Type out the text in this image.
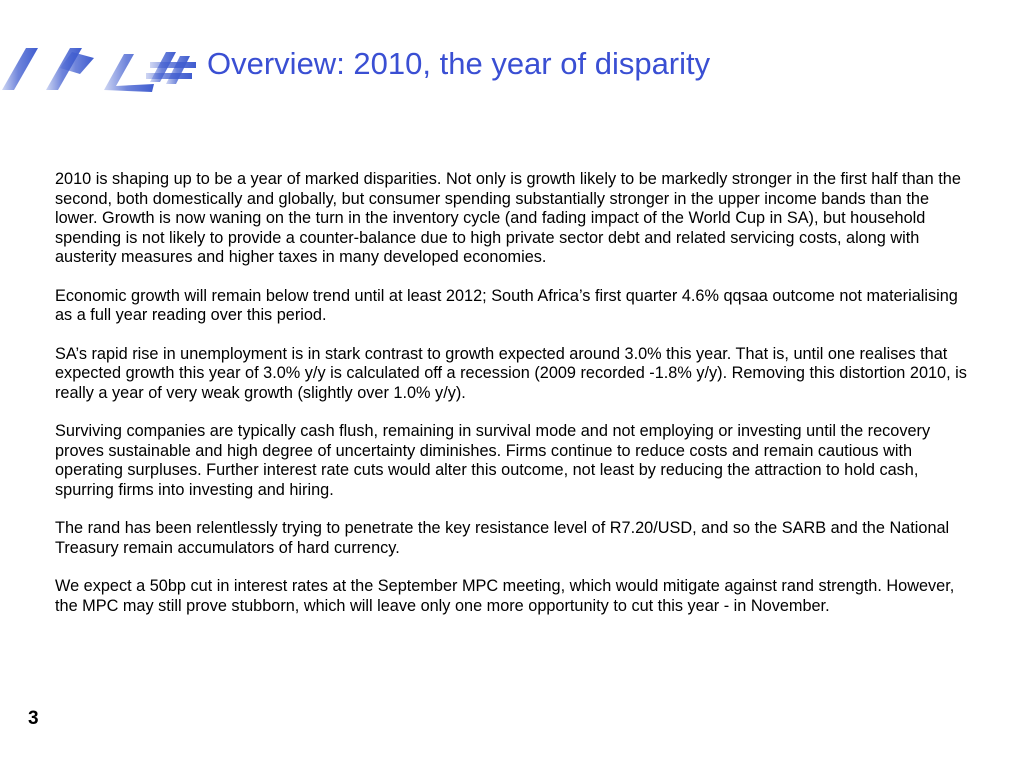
Overview: 2010, the year of disparity

2010 is shaping up to be a year of marked disparities. Not only is growth likely to be markedly stronger in the first half than the second, both domestically and globally, but consumer spending substantially stronger in the upper income bands than the lower. Growth is now waning on the turn in the inventory cycle (and fading impact of the World Cup in SA), but household spending is not likely to provide a counter-balance due to high private sector debt and related servicing costs, along with austerity measures and higher taxes in many developed economies.

Economic growth will remain below trend until at least 2012; South Africa’s first quarter 4.6% qqsaa outcome not materialising as a full year reading over this period.

SA’s rapid rise in unemployment is in stark contrast to growth expected around 3.0% this year. That is, until one realises that expected growth this year of 3.0% y/y is calculated off a recession (2009 recorded -1.8% y/y). Removing this distortion 2010, is really a year of very weak growth (slightly over 1.0% y/y).

Surviving companies are typically cash flush, remaining in survival mode and not employing or investing until the recovery proves sustainable and high degree of uncertainty diminishes. Firms continue to reduce costs and remain cautious with operating surpluses. Further interest rate cuts would alter this outcome, not least by reducing the attraction to hold cash, spurring firms into investing and hiring.

The rand has been relentlessly trying to penetrate the key resistance level of R7.20/USD, and so the SARB and the National Treasury remain accumulators of hard currency.

We expect a 50bp cut in interest rates at the September MPC meeting, which would mitigate against rand strength. However, the MPC may still prove stubborn, which will leave only one more opportunity to cut this year - in November.

3
